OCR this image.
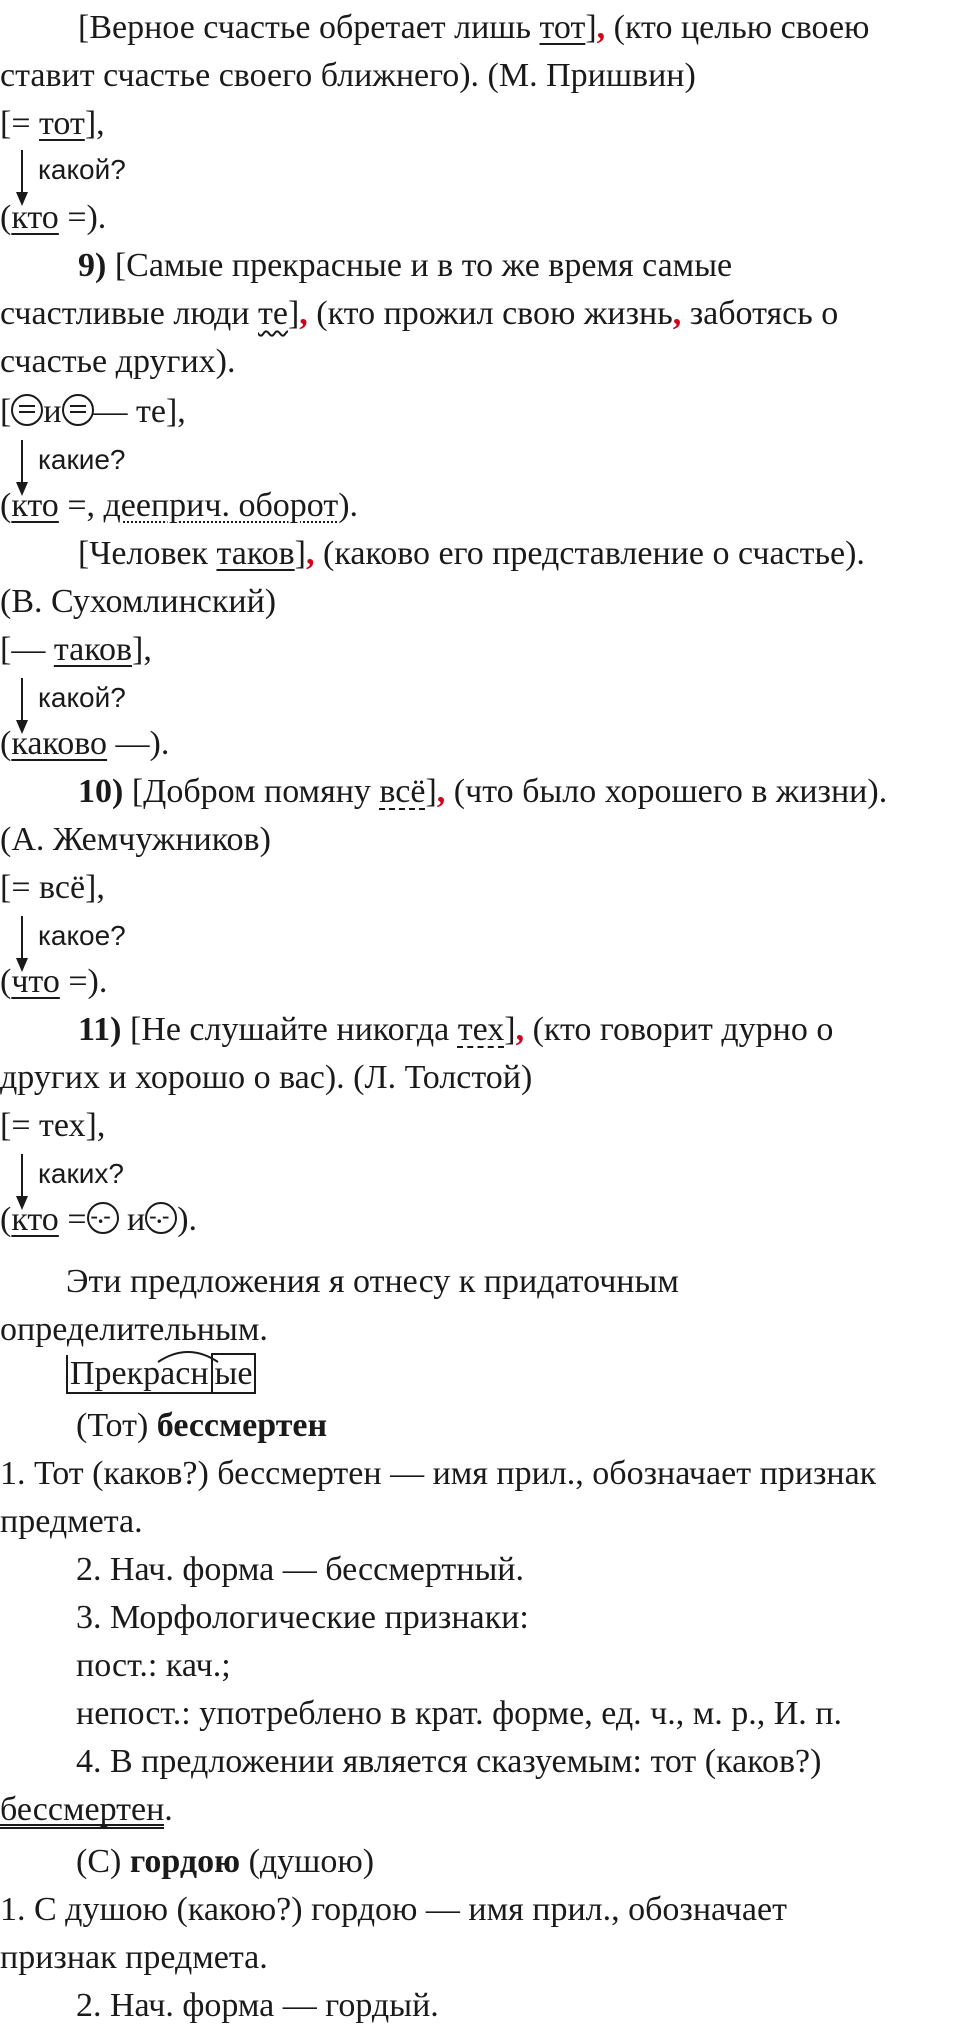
[Верное счастье обретает лишь тот], (кто целью своею
ставит счастье своего ближнего). (М. Пришвин)
[= тот],
какой?
(кто =).
9) [Самые прекрасные и в то же время самые
счастливые люди те], (кто прожил свою жизнь, заботясь о
счастье других).
[ и — те],
какие?
(кто =, дееприч. оборот).
[Человек таков], (каково его представление о счастье).
(В. Сухомлинский)
[— таков],
какой?
(каково —).
10) [Добром помяну всё], (что было хорошего в жизни).
(А. Жемчужников)
[= всё],
какое?
(что =).
11) [Не слушайте никогда тех], (кто говорит дурно о
других и хорошо о вас). (Л. Толстой)
[= тех],
каких?
(кто =-.- и-.- ).
Эти предложения я отнесу к придаточным
определительным.
Прекрасн ые
(Тот) бессмертен
1. Тот (каков?) бессмертен — имя прил., обозначает признак
предмета.
2. Нач. форма — бессмертный.
3. Морфологические признаки:
пост.: кач.;
непост.: употреблено в крат. форме, ед. ч., м. р., И. п.
4. В предложении является сказуемым: тот (каков?)
бессмертен.
(С) гордою (душою)
1. С душою (какою?) гордою — имя прил., обозначает
признак предмета.
2. Нач. форма — гордый.
